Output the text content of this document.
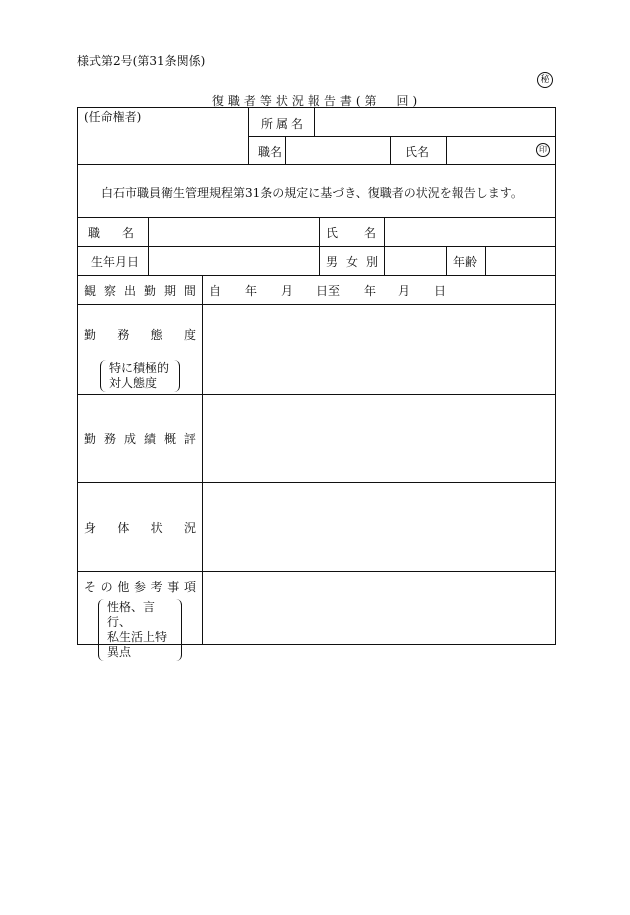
様式第2号(第31条関係)
秘
復職者等状況報告書(第　回)
(任命権者)	所 属 名
職名	氏名	印
白石市職員衛生管理規程第31条の規定に基づき、復職者の状況を報告します。
職 名	氏 名
生年月日	男 女 別	年齢
観 察 出 勤 期 間 自 年 月 日至 年 月 日
勤 務 態 度
特に積極的
対人態度
勤 務 成 績 概 評
身 体 状 況
そ の 他 参 考 事 項
性格、言行、
私生活上特
異点
